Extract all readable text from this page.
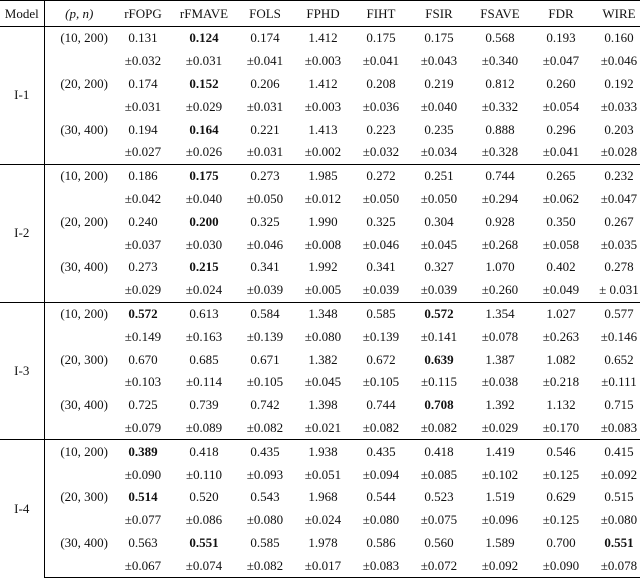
Model	(p, n)	rFOPG	rFMAVE	FOLS	FPHD	FIHT	FSIR	FSAVE	FDR	WIRE
I-1	(10, 200)	0.131	0.124	0.174	1.412	0.175	0.175	0.568	0.193	0.160
		±0.032	±0.031	±0.041	±0.003	±0.041	±0.043	±0.340	±0.047	±0.046
	(20, 200)	0.174	0.152	0.206	1.412	0.208	0.219	0.812	0.260	0.192
		±0.031	±0.029	±0.031	±0.003	±0.036	±0.040	±0.332	±0.054	±0.033
	(30, 400)	0.194	0.164	0.221	1.413	0.223	0.235	0.888	0.296	0.203
		±0.027	±0.026	±0.031	±0.002	±0.032	±0.034	±0.328	±0.041	±0.028
I-2	(10, 200)	0.186	0.175	0.273	1.985	0.272	0.251	0.744	0.265	0.232
		±0.042	±0.040	±0.050	±0.012	±0.050	±0.050	±0.294	±0.062	±0.047
	(20, 200)	0.240	0.200	0.325	1.990	0.325	0.304	0.928	0.350	0.267
		±0.037	±0.030	±0.046	±0.008	±0.046	±0.045	±0.268	±0.058	±0.035
	(30, 400)	0.273	0.215	0.341	1.992	0.341	0.327	1.070	0.402	0.278
		±0.029	±0.024	±0.039	±0.005	±0.039	±0.039	±0.260	±0.049	± 0.031
I-3	(10, 200)	0.572	0.613	0.584	1.348	0.585	0.572	1.354	1.027	0.577
		±0.149	±0.163	±0.139	±0.080	±0.139	±0.141	±0.078	±0.263	±0.146
	(20, 300)	0.670	0.685	0.671	1.382	0.672	0.639	1.387	1.082	0.652
		±0.103	±0.114	±0.105	±0.045	±0.105	±0.115	±0.038	±0.218	±0.111
	(30, 400)	0.725	0.739	0.742	1.398	0.744	0.708	1.392	1.132	0.715
		±0.079	±0.089	±0.082	±0.021	±0.082	±0.082	±0.029	±0.170	±0.083
I-4	(10, 200)	0.389	0.418	0.435	1.938	0.435	0.418	1.419	0.546	0.415
		±0.090	±0.110	±0.093	±0.051	±0.094	±0.085	±0.102	±0.125	±0.092
	(20, 300)	0.514	0.520	0.543	1.968	0.544	0.523	1.519	0.629	0.515
		±0.077	±0.086	±0.080	±0.024	±0.080	±0.075	±0.096	±0.125	±0.080
	(30, 400)	0.563	0.551	0.585	1.978	0.586	0.560	1.589	0.700	0.551
		±0.067	±0.074	±0.082	±0.017	±0.083	±0.072	±0.092	±0.090	±0.078
